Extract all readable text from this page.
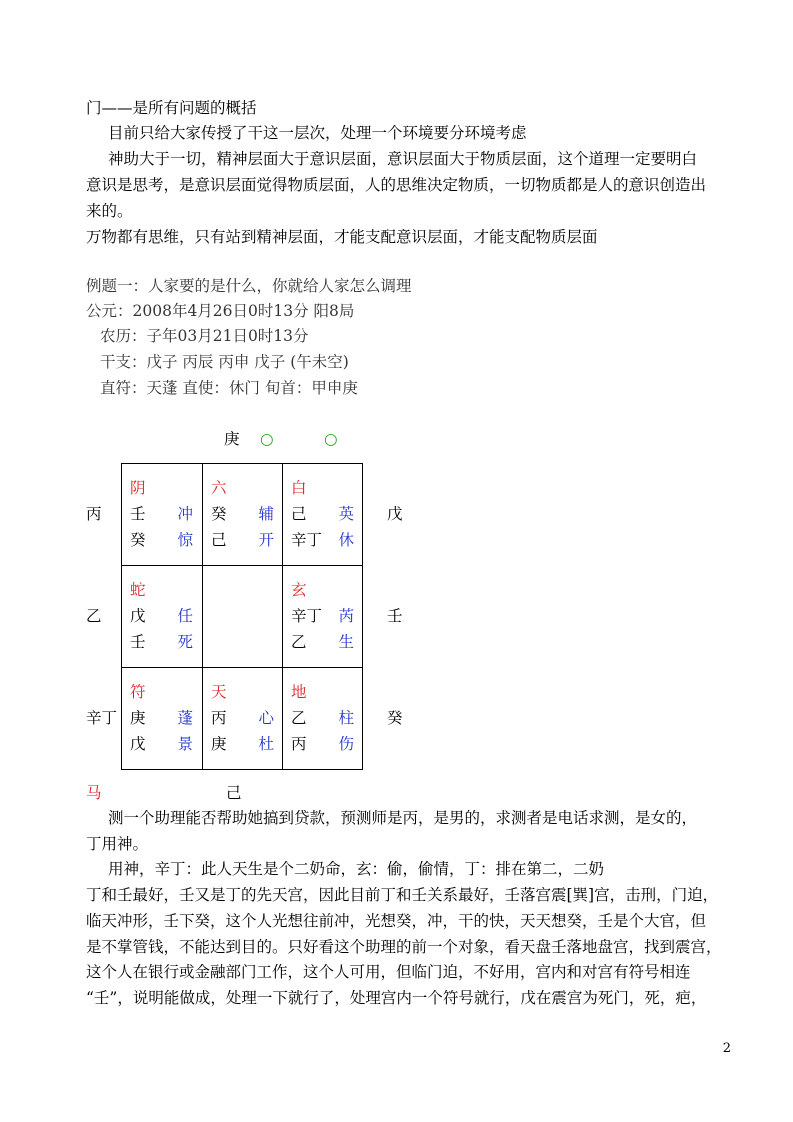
门——是所有问题的概括
目前只给大家传授了干这一层次，处理一个环境要分环境考虑
神助大于一切，精神层面大于意识层面，意识层面大于物质层面，这个道理一定要明白
意识是思考，是意识层面觉得物质层面，人的思维决定物质，一切物质都是人的意识创造出
来的。
万物都有思维，只有站到精神层面，才能支配意识层面，才能支配物质层面
例题一：人家要的是什么，你就给人家怎么调理
公元：2008年4月26日0时13分 阳8局
农历：子年03月21日0时13分
干支：戊子 丙辰 丙申 戊子 (午未空)
直符：天蓬 直使：休门 旬首：甲申庚
庚 ○	○
阴
壬 冲
癸 惊
六
癸 辅
己 开
白
己 英
辛丁 休
蛇
戊 任
壬 死
玄
辛丁 芮
乙 生
符
庚 蓬
戊 景
天
丙 心
庚 杜
地
乙 柱
丙 伤
丙
乙
辛丁
戊
壬
癸
马	己
测一个助理能否帮助她搞到贷款，预测师是丙，是男的，求测者是电话求测，是女的，
丁用神。
用神，辛丁：此人天生是个二奶命，玄：偷，偷情，丁：排在第二，二奶
丁和壬最好，壬又是丁的先天宫，因此目前丁和壬关系最好，壬落宫震[巽]宫，击刑，门迫，
临天冲形，壬下癸，这个人光想往前冲，光想癸，冲，干的快，天天想癸，壬是个大官，但
是不掌管钱，不能达到目的。只好看这个助理的前一个对象，看天盘壬落地盘宫，找到震宫，
这个人在银行或金融部门工作，这个人可用，但临门迫，不好用，宫内和对宫有符号相连
“壬”，说明能做成，处理一下就行了，处理宫内一个符号就行，戊在震宫为死门，死，疤，
2
